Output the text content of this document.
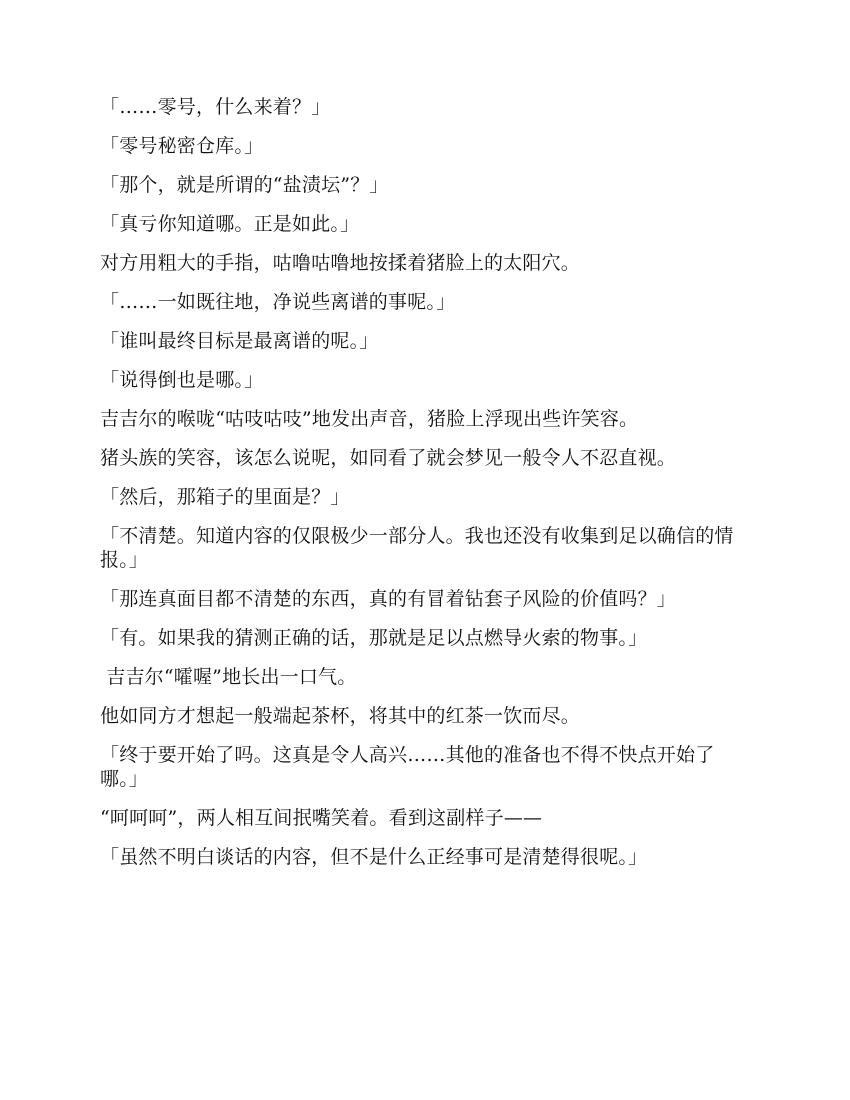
「……零号，什么来着？」

「零号秘密仓库。」

「那个，就是所谓的“盐渍坛”？」

「真亏你知道哪。正是如此。」

对方用粗大的手指，咕噜咕噜地按揉着猪脸上的太阳穴。

「……一如既往地，净说些离谱的事呢。」

「谁叫最终目标是最离谱的呢。」

「说得倒也是哪。」

吉吉尔的喉咙“咕吱咕吱”地发出声音，猪脸上浮现出些许笑容。

猪头族的笑容，该怎么说呢，如同看了就会梦见一般令人不忍直视。

「然后，那箱子的里面是？」

「不清楚。知道内容的仅限极少一部分人。我也还没有收集到足以确信的情报。」

「那连真面目都不清楚的东西，真的有冒着钻套子风险的价值吗？」

「有。如果我的猜测正确的话，那就是足以点燃导火索的物事。」

吉吉尔“嚯喔”地长出一口气。

他如同方才想起一般端起茶杯，将其中的红茶一饮而尽。

「终于要开始了吗。这真是令人高兴……其他的准备也不得不快点开始了哪。」

“呵呵呵”，两人相互间抿嘴笑着。看到这副样子——

「虽然不明白谈话的内容，但不是什么正经事可是清楚得很呢。」
